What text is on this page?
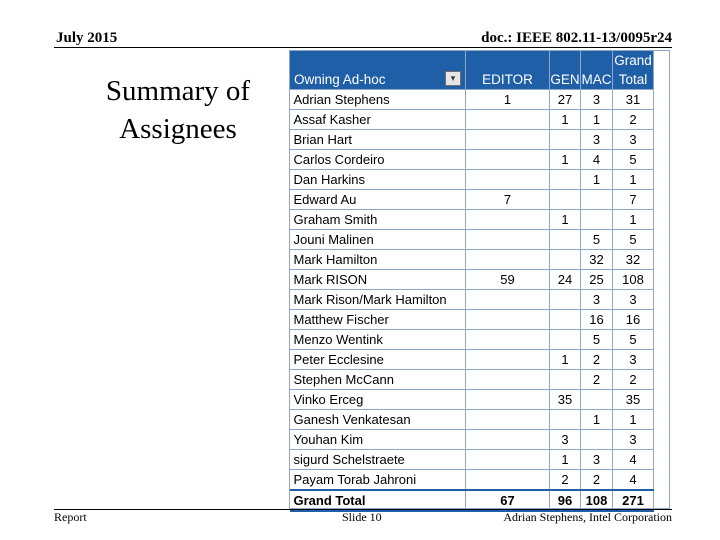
July 2015	doc.: IEEE 802.11-13/0095r24
Summary of Assignees
Owning Ad-hoc ▾	EDITOR	GEN	MAC	Grand
Total
Adrian Stephens	1	27	3	31
Assaf Kasher		1	1	2
Brian Hart			3	3
Carlos Cordeiro		1	4	5
Dan Harkins			1	1
Edward Au	7			7
Graham Smith		1		1
Jouni Malinen			5	5
Mark Hamilton			32	32
Mark RISON	59	24	25	108
Mark Rison/Mark Hamilton			3	3
Matthew Fischer			16	16
Menzo Wentink			5	5
Peter Ecclesine		1	2	3
Stephen McCann			2	2
Vinko Erceg		35		35
Ganesh Venkatesan			1	1
Youhan Kim		3		3
sigurd Schelstraete		1	3	4
Payam Torab Jahroni		2	2	4
Grand Total	67	96	108	271
Report	Slide 10	Adrian Stephens, Intel Corporation
